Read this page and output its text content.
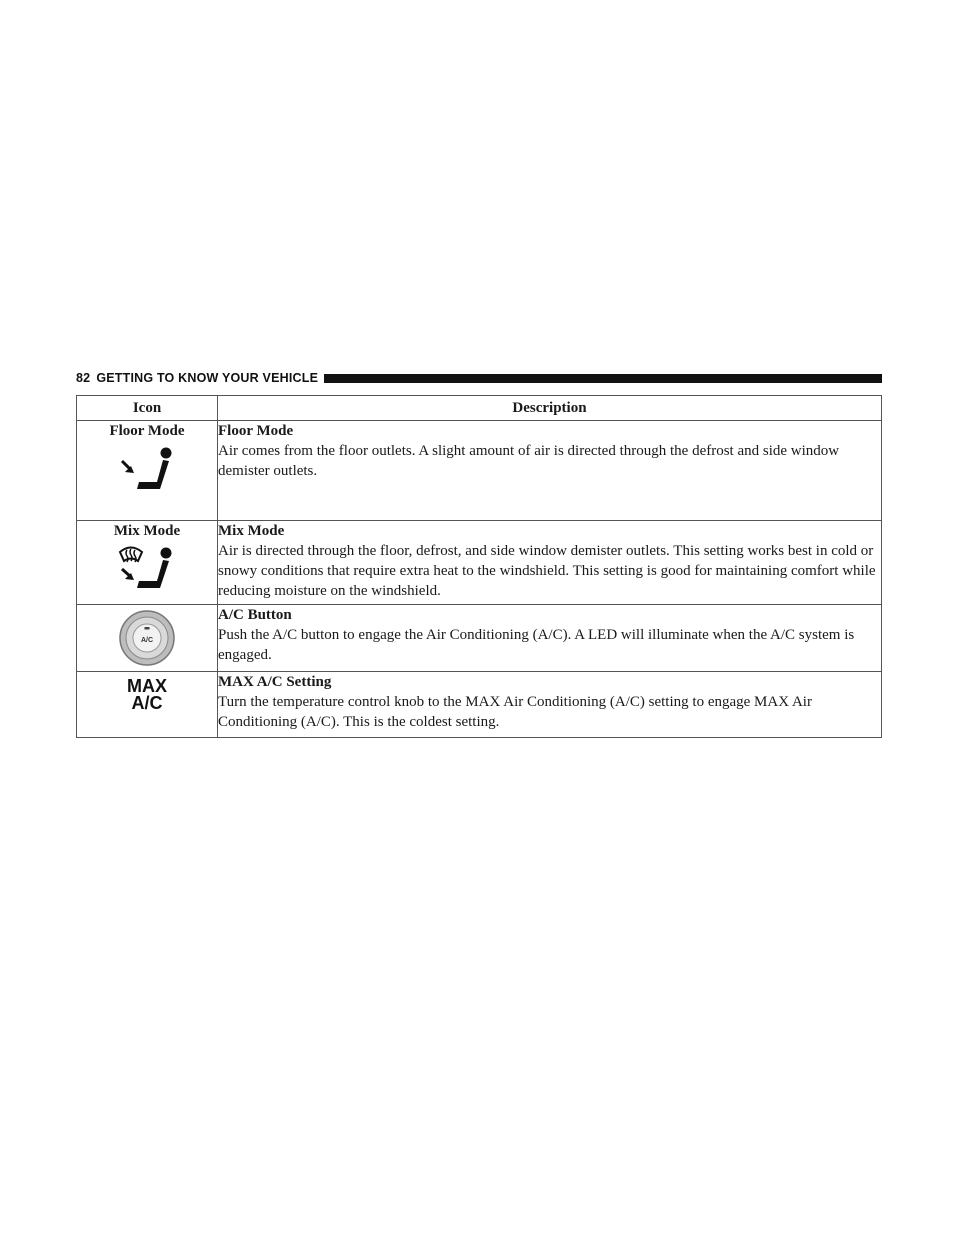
82 GETTING TO KNOW YOUR VEHICLE
Icon	Description

Floor Mode	Floor Mode
Air comes from the floor outlets. A slight amount of air is directed through the defrost and side window demister outlets.

Mix Mode	Mix Mode
Air is directed through the floor, defrost, and side window demister outlets. This setting works best in cold or snowy conditions that require extra heat to the windshield. This setting is good for maintaining comfort while reducing moisture on the windshield.

A/C	A/C Button
Push the A/C button to engage the Air Conditioning (A/C). A LED will illuminate when the A/C system is engaged.

MAX
A/C	MAX A/C Setting
Turn the temperature control knob to the MAX Air Conditioning (A/C) setting to engage MAX Air Conditioning (A/C). This is the coldest setting.
